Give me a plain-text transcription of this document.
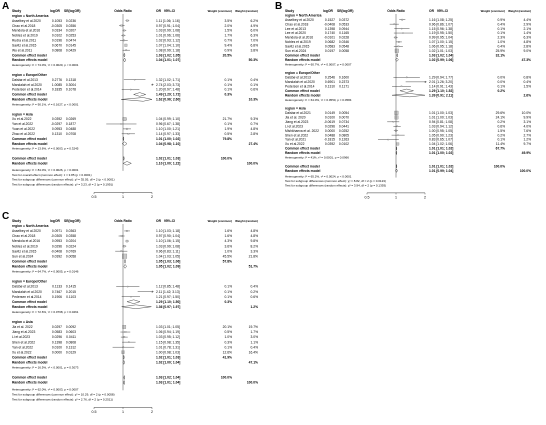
A Study	logOR SE(logOR)	Odds Ratio	OR 95%-CI	Weight (common) Weight (random)
region = North America
Asselbey et al.2020	0.1053 0.0236	1.11 [1.06; 1.16]	3.5%	6.2%
Chao et al.2018	-0.0305 0.0356	0.97 [0.91; 1.04]	2.0%	4.9%
Mendola et al.2016	0.0334 0.0207	1.03 [0.99; 1.08]	1.5%	6.0%
Nobles et al.2019	0.0102 0.0253	1.01 [0.96; 1.06]	1.7%	6.3%
Rudra et al.2011	0.0196 0.0474	1.02 [0.93; 1.12]	0.7%	7.0%
Savitz et al.2015	0.0670 0.0145	1.07 [1.04; 1.10]	9.4%	6.8%
Wu et al.2011	0.0808 0.0429	1.08 [0.99; 1.18]	0.9%	3.8%
Common effect model	1.03 [1.02; 1.05]	20.5%
Random effects model	1.04 [1.01; 1.07]	50.3%
Heterogeneity: I² = 74.0%, τ² = 0.0020, p < 0.0001
region = Europe/Other
Dalsbø et al.2013	0.2776 0.1318	1.32 [1.02; 1.71]	0.1%	0.4%
Mandalah et al.2020	1.0085 0.3004	2.74 [2.03; 3.73]	0.1%	0.1%
Pedersen et al.2014	0.1835 0.1078	1.20 [0.97; 1.48]	0.1%	0.6%
Common effect model	1.49 [1.29; 1.72]	0.3%
Random effects model	1.62 [0.96; 2.60]	10.3%
Heterogeneity: I² = 90.1%, τ² = 0.1627, p < 0.0001
region = Asia
Xu et al.2022	0.0392 0.0269	1.04 [0.99; 1.10]	21.7%	9.3%
Yan et al.2022	-0.0297 0.1877	0.96 [0.67; 1.38]	0.1%	0.7%
Yuan et al.2022	0.0953 0.0488	1.10 [1.00; 1.21]	1.9%	4.8%
Zhao et al.2022	0.1310 0.0708	1.14 [0.97; 1.33]	0.5%	2.8%
Common effect model	1.01 [1.00; 1.02]	79.8%
Random effects model	1.04 [0.98; 1.10]	27.4%
Heterogeneity: I² = 13.6%, τ² = 0.0003, p = 0.3245
Common effect model	1.02 [1.01; 1.03]	100.0%
Random effects model	1.10 [1.00; 1.22]	100.0%
Heterogeneity: I² = 84.0%, τ² = 0.0026, p < 0.0001
Test for overall effect (common effect): z = 3.85 (p = 0.0001)
Test for subgroup differences (common effect): χ² = 35.05, df = 2 (p < 0.0001)
Test for subgroup differences (random effects): χ² = 3.23, df = 2 (p = 0.1991)
0.5	1	2
B Study	logOR SE(logOR)	Odds Ratio	OR 95%-CI	Weight (common) Weight (random)
region = North America
Asselbey et al.2020	0.1527 0.0372	1.16 [1.08; 1.25]	0.9%	4.4%
Chao et al.2018	-0.0408 0.0533	0.96 [0.86; 1.07]	0.4%	2.9%
Lee et al.2013	0.1398 0.0944	1.15 [0.96; 1.38]	0.1%	2.1%
Lee et al.2020	0.1740 0.1165	1.19 [0.95; 1.50]	0.1%	1.4%
Mendola et al.2016	-0.0101 0.0228	0.99 [0.95; 1.04]	2.3%	6.3%
Nobles et al.2019	0.0682 0.0346	1.07 [1.00; 1.15]	1.0%	4.8%
Savitz et al.2015	0.0583 0.0548	1.06 [0.95; 1.18]	0.4%	2.8%
Sun et al.2024	0.0197 0.0058	1.02 [1.01; 1.03]	25.9%	9.0%
Common effect model	1.03 [1.02; 1.04]	32.1%
Random effects model	1.02 [0.99; 1.06]	47.3%
Heterogeneity: I² = 60.7%, τ² = 0.0007, p = 0.0007
region = Europe/Other
Dalsbø et al.2013	0.2546 0.1600	1.29 [0.94; 1.77]	0.0%	0.8%
Mandalah et al.2020	0.6901 0.2373	2.01 [1.26; 3.20]	0.0%	0.4%
Pedersen et al.2014	0.1310 0.1171	1.14 [0.91; 1.43]	0.1%	1.5%
Common effect model	1.29 [1.10; 1.52]	0.2%
Random effects model	1.39 [0.91; 2.11]	2.6%
Heterogeneity: I² = 64.0%, τ² = 0.0550, p = 0.0584
region = Asia
Dalsbø et al.2021	0.0149 0.0054	1.01 [1.00; 1.03]	29.6%	10.0%
Jia et al. 2020	0.0100 0.0070	1.01 [1.00; 1.03]	24.1%	9.9%
Jiang et al.2023	-0.0619 0.0734	0.94 [0.81; 1.08]	0.2%	3.1%
Li et al.2023	0.0296 0.0441	1.03 [0.94; 1.12]	0.6%	4.0%
Mishkhaeva et al. 2022 0.0000 0.0252	1.00 [0.95; 1.05]	1.5%	7.6%
Shen et al.2022	0.0488 0.0805	1.05 [0.90; 1.23]	0.2%	2.7%
Yan et al.2021	-0.1815 0.1263	0.83 [0.65; 1.07]	0.1%	1.2%
Xu et al.2022	0.0392 0.0102	1.04 [1.02; 1.06]	11.4%	9.7%
Common effect model	1.01 [1.01; 1.02]	67.7%
Random effects model	1.01 [1.00; 1.02]	49.9%
Heterogeneity: I² = 41%, τ² = 0.0001, p = 0.0966
Common effect model	1.01 [1.01; 1.02]	100.0%
Random effects model	1.01 [0.99; 1.04]	100.0%
Heterogeneity: I² = 65.2%, τ² = 0.0024, p < 0.0001
Test for subgroup differences (common effect): χ² = 8.82, df = 2 (p = 0.0123)
Test for subgroup differences (random effects): χ² = 3.94, df = 2 (p = 0.1393)
0.5	1	2
C Study	logOR SE(logOR)	Odds Ratio	OR 95%-CI	Weight (common) Weight (random)
region = North America
Asselbey et al.2020	0.0971 0.0363	1.10 [1.03; 1.18]	1.6%	4.8%
Chao et al.2018	-0.0305 0.0358	0.97 [0.90; 1.04]	1.6%	4.8%
Mendola et al.2016	0.0953 0.0204	1.10 [1.06; 1.15]	4.3%	9.8%
Nobles et al.2019	0.0296 0.0224	1.03 [0.99; 1.08]	3.6%	8.2%
Savitz et al.2015	-0.0408 0.0769	0.96 [0.83; 1.11]	1.0%	3.3%
Sun et al.2024	0.0392 0.0058	1.04 [1.03; 1.05]	45.5%	21.8%
Common effect model	1.05 [1.03; 1.06]	57.8%
Random effects model	1.05 [1.02; 1.09]	51.7%
Heterogeneity: I² = 64.7%, τ² = 0.0005, p = 0.0146
region = Europe/Other
Dalsbø et al.2013	0.1133 0.1415	1.12 [0.85; 1.48]	0.1%	0.4%
Mandalah et al.2020	0.7467 0.2015	2.11 [1.42; 3.13]	0.1%	0.2%
Pedersen et al.2014	0.1906 0.1103	1.21 [0.97; 1.50]	0.1%	0.6%
Common effect model	1.29 [1.10; 1.50]	0.3%
Random effects model	1.36 [0.97; 1.97]	1.2%
Heterogeneity: I² = 72.6%, τ² = 0.0768, p = 0.0261
region = Asia
Jia et al. 2022	0.0297 0.0092	1.03 [1.01; 1.05]	20.1%	19.7%
Jiang et al.2023	0.0583 0.0603	1.06 [0.94; 1.19]	0.5%	1.7%
Li et al.2023	0.0296 0.0411	1.03 [0.95; 1.12]	1.0%	3.0%
Shen et al.2022	0.1398 0.0808	1.15 [0.98; 1.35]	0.3%	1.1%
Yan et al.2022	0.0100 0.1312	1.01 [0.78; 1.31]	0.1%	0.4%
Xu et al.2022	0.0000 0.0129	1.00 [0.98; 1.03]	12.6%	16.4%
Common effect model	1.02 [1.01; 1.03]	41.9%
Random effects model	1.02 [1.00; 1.04]	47.1%
Heterogeneity: I² = 16.5%, τ² < 0.0001, p = 0.3073
Common effect model	1.03 [1.02; 1.04]	100.0%
Random effects model	1.03 [1.01; 1.04]	100.0%
Heterogeneity: I² = 62.0%, τ² = 0.0003, p = 0.0007
Test for subgroup differences (common effect): χ² = 10.29, df = 2 (p = 0.0058)
Test for subgroup differences (random effects): χ² = 2.76, df = 2 (p = 0.2511)
0.5	1	2
